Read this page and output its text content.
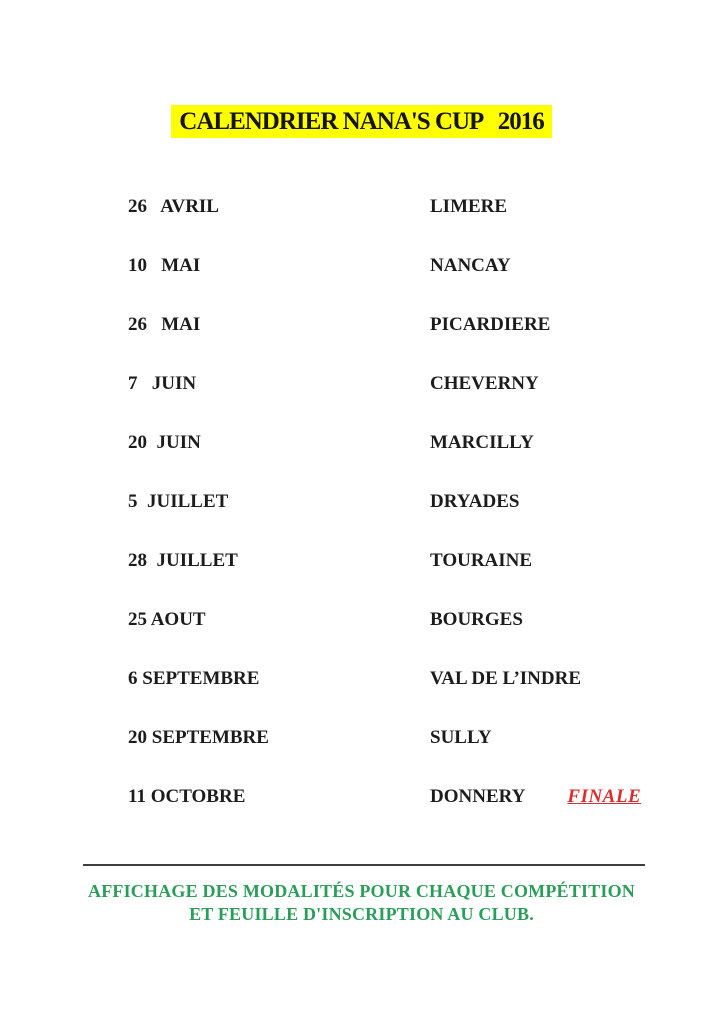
CALENDRIER NANA'S CUP   2016
26   AVRIL	LIMERE
10   MAI	NANCAY
26   MAI	PICARDIERE
7   JUIN	CHEVERNY
20  JUIN	MARCILLY
5  JUILLET	DRYADES
28  JUILLET	TOURAINE
25 AOUT	BOURGES
6 SEPTEMBRE	VAL DE L’INDRE
20 SEPTEMBRE	SULLY
11 OCTOBRE	DONNERY FINALE
AFFICHAGE DES MODALITÉS POUR CHAQUE COMPÉTITION ET FEUILLE D'INSCRIPTION AU CLUB.
